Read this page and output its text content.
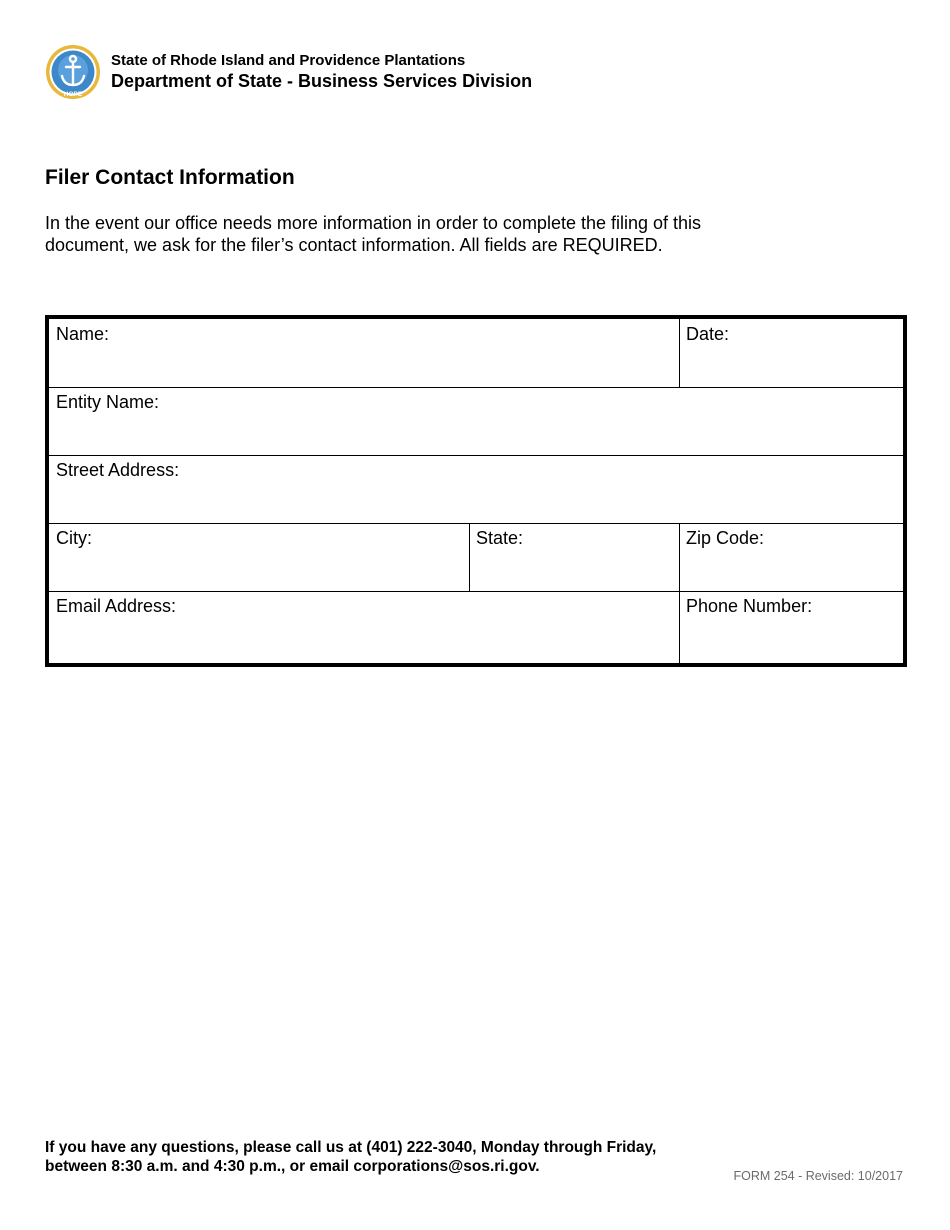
HOPE
State of Rhode Island and Providence Plantations
Department of State - Business Services Division
Filer Contact Information
In the event our office needs more information in order to complete the filing of this
document, we ask for the filer’s contact information. All fields are REQUIRED.
Name:	Date:
Entity Name:
Street Address:
City:	State:	Zip Code:
Email Address:	Phone Number:
If you have any questions, please call us at (401) 222-3040, Monday through Friday,
between 8:30 a.m. and 4:30 p.m., or email corporations@sos.ri.gov.
FORM 254 - Revised: 10/2017
